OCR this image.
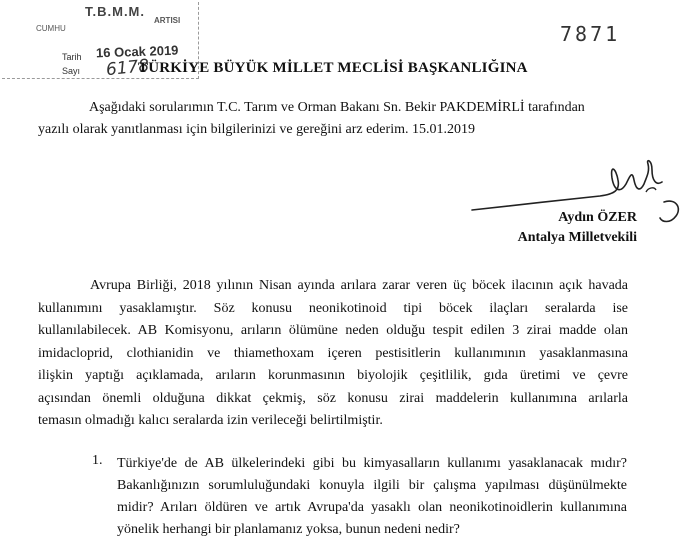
T.B.M.M.
CUMHU
ARTISI
Tarih
Sayı
16 Ocak 2019
6178
7871
TÜRKİYE BÜYÜK MİLLET MECLİSİ BAŞKANLIĞINA
Aşağıdaki sorularımın T.C. Tarım ve Orman Bakanı Sn. Bekir PAKDEMİRLİ tarafından
yazılı olarak yanıtlanması için bilgilerinizi ve gereğini arz ederim. 15.01.2019
Aydın ÖZER
Antalya Milletvekili
Avrupa Birliği, 2018 yılının Nisan ayında arılara zarar veren üç böcek ilacının açık havada
kullanımını yasaklamıştır. Söz konusu neonikotinoid tipi böcek ilaçları seralarda ise
kullanılabilecek. AB Komisyonu, arıların ölümüne neden olduğu tespit edilen 3 zirai madde olan
imidacloprid, clothianidin ve thiamethoxam içeren pestisitlerin kullanımının yasaklanmasına
ilişkin yaptığı açıklamada, arıların korunmasının biyolojik çeşitlilik, gıda üretimi ve çevre
açısından önemli olduğuna dikkat çekmiş, söz konusu zirai maddelerin kullanımına arılarla
temasın olmadığı kalıcı seralarda izin verileceği belirtilmiştir.
1. Türkiye'de de AB ülkelerindeki gibi bu kimyasalların kullanımı yasaklanacak mıdır?
Bakanlığınızın sorumluluğundaki konuyla ilgili bir çalışma yapılması düşünülmekte
midir? Arıları öldüren ve artık Avrupa'da yasaklı olan neonikotinoidlerin kullanımına
yönelik herhangi bir planlamanız yoksa, bunun nedeni nedir?
